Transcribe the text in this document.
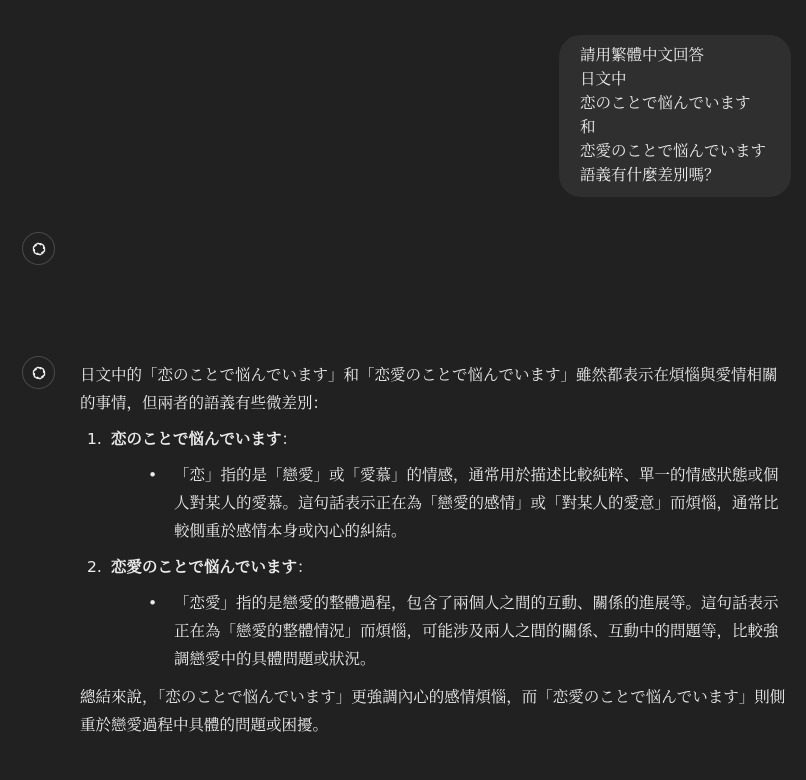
請用繁體中文回答
日文中
恋のことで悩んでいます
和
恋愛のことで悩んでいます
語義有什麼差別嗎？

日文中的「恋のことで悩んでいます」和「恋愛のことで悩んでいます」雖然都表示在煩惱與愛情相關的事情，但兩者的語義有些微差別：

1. 恋のことで悩んでいます：
• 「恋」指的是「戀愛」或「愛慕」的情感，通常用於描述比較純粹、單一的情感狀態或個人對某人的愛慕。這句話表示正在為「戀愛的感情」或「對某人的愛意」而煩惱，通常比較側重於感情本身或內心的糾結。
2. 恋愛のことで悩んでいます：
• 「恋愛」指的是戀愛的整體過程，包含了兩個人之間的互動、關係的進展等。這句話表示正在為「戀愛的整體情況」而煩惱，可能涉及兩人之間的關係、互動中的問題等，比較強調戀愛中的具體問題或狀況。

總結來說，「恋のことで悩んでいます」更強調內心的感情煩惱，而「恋愛のことで悩んでいます」則側重於戀愛過程中具體的問題或困擾。
